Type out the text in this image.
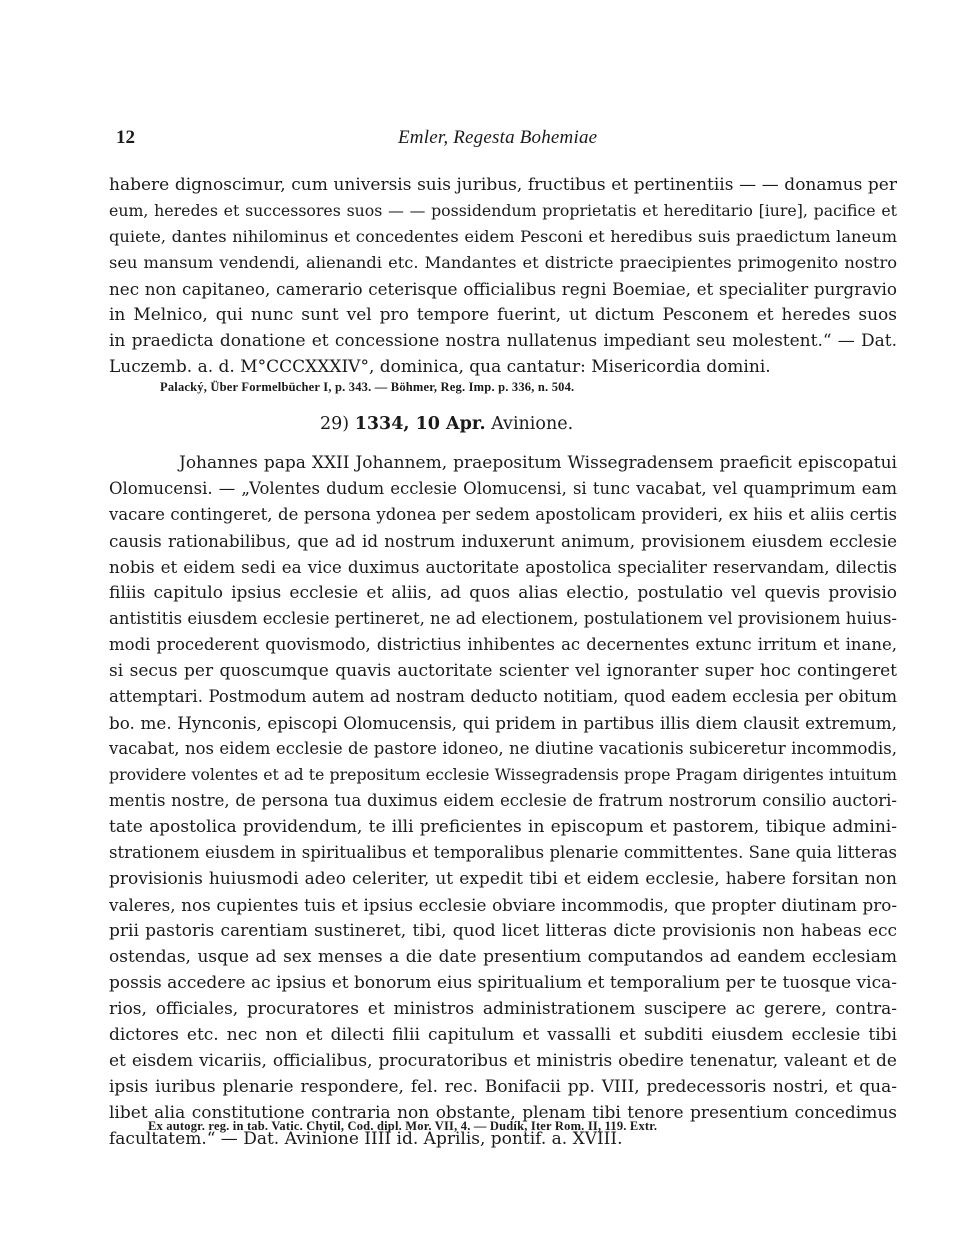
12	Emler, Regesta Bohemiae
habere dignoscimur, cum universis suis juribus, fructibus et pertinentiis — — donamus per
eum, heredes et successores suos — — possidendum proprietatis et hereditario [iure], pacifice et
quiete, dantes nihilominus et concedentes eidem Pesconi et heredibus suis praedictum laneum
seu mansum vendendi, alienandi etc. Mandantes et districte praecipientes primogenito nostro
nec non capitaneo, camerario ceterisque officialibus regni Boemiae, et specialiter purgravio
in Melnico, qui nunc sunt vel pro tempore fuerint, ut dictum Pesconem et heredes suos
in praedicta donatione et concessione nostra nullatenus impediant seu molestent.“ — Dat.
Luczemb. a. d. M°CCCXXXIV°, dominica, qua cantatur: Misericordia domini.
Palacký, Über Formelbücher I, p. 343. — Böhmer, Reg. Imp. p. 336, n. 504.
29) 1334, 10 Apr. Avinione.
Johannes papa XXII Johannem, praepositum Wissegradensem praeficit episcopatui
Olomucensi. — „Volentes dudum ecclesie Olomucensi, si tunc vacabat, vel quamprimum eam
vacare contingeret, de persona ydonea per sedem apostolicam provideri, ex hiis et aliis certis
causis rationabilibus, que ad id nostrum induxerunt animum, provisionem eiusdem ecclesie
nobis et eidem sedi ea vice duximus auctoritate apostolica specialiter reservandam, dilectis
filiis capitulo ipsius ecclesie et aliis, ad quos alias electio, postulatio vel quevis provisio
antistitis eiusdem ecclesie pertineret, ne ad electionem, postulationem vel provisionem huius-
modi procederent quovismodo, districtius inhibentes ac decernentes extunc irritum et inane,
si secus per quoscumque quavis auctoritate scienter vel ignoranter super hoc contingeret
attemptari. Postmodum autem ad nostram deducto notitiam, quod eadem ecclesia per obitum
bo. me. Hynconis, episcopi Olomucensis, qui pridem in partibus illis diem clausit extremum,
vacabat, nos eidem ecclesie de pastore idoneo, ne diutine vacationis subiceretur incommodis,
providere volentes et ad te prepositum ecclesie Wissegradensis prope Pragam dirigentes intuitum
mentis nostre, de persona tua duximus eidem ecclesie de fratrum nostrorum consilio auctori-
tate apostolica providendum, te illi preficientes in episcopum et pastorem, tibique admini-
strationem eiusdem in spiritualibus et temporalibus plenarie committentes. Sane quia litteras
provisionis huiusmodi adeo celeriter, ut expedit tibi et eidem ecclesie, habere forsitan non
valeres, nos cupientes tuis et ipsius ecclesie obviare incommodis, que propter diutinam pro-
prii pastoris carentiam sustineret, tibi, quod licet litteras dicte provisionis non habeas ecc
ostendas, usque ad sex menses a die date presentium computandos ad eandem ecclesiam
possis accedere ac ipsius et bonorum eius spiritualium et temporalium per te tuosque vica-
rios, officiales, procuratores et ministros administrationem suscipere ac gerere, contra-
dictores etc. nec non et dilecti filii capitulum et vassalli et subditi eiusdem ecclesie tibi
et eisdem vicariis, officialibus, procuratoribus et ministris obedire tenenatur, valeant et de
ipsis iuribus plenarie respondere, fel. rec. Bonifacii pp. VIII, predecessoris nostri, et qua-
libet alia constitutione contraria non obstante, plenam tibi tenore presentium concedimus
facultatem.“ — Dat. Avinione IIII id. Aprilis, pontif. a. XVIII.
Ex autogr. reg. in tab. Vatic. Chytil, Cod. dipl. Mor. VII, 4. — Dudík, Iter Rom. II, 119. Extr.
